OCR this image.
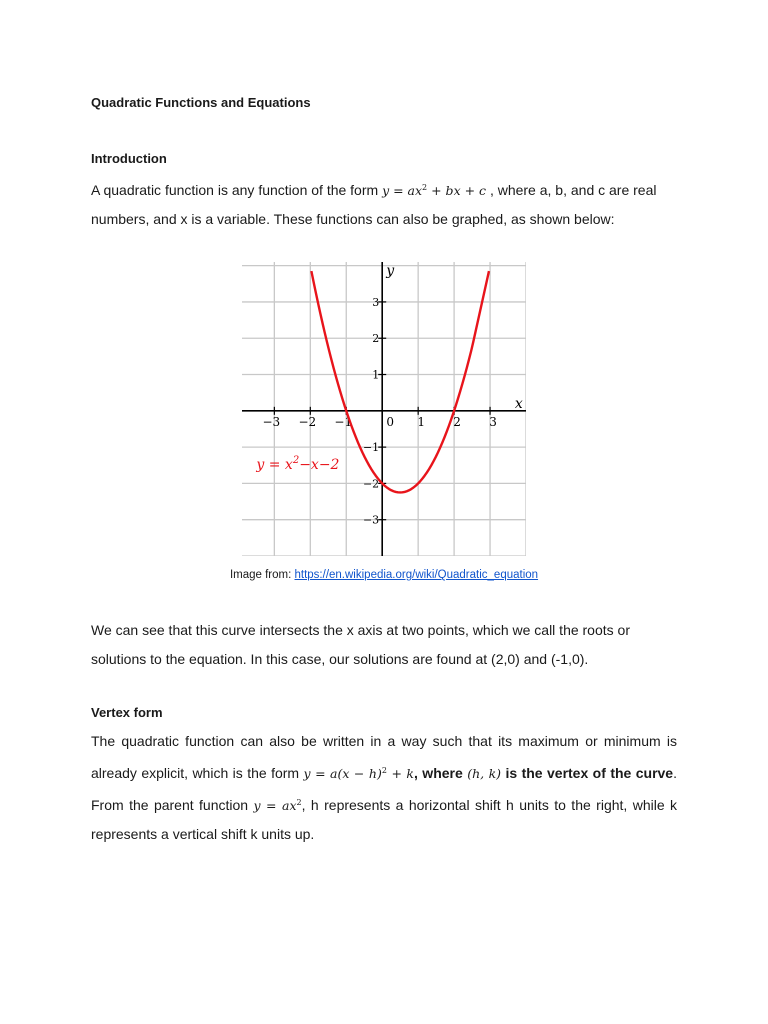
Quadratic Functions and Equations
Introduction
A quadratic function is any function of the form $y = ax^2$ + bx + c , where a, b, and c are real numbers, and x is a variable. These functions can also be graphed, as shown below:
We can see that this curve intersects the x axis at two points, which we call the roots or solutions to the equation. In this case, our solutions are found at (2,0) and (-1,0).
Vertex form
The quadratic function can also be written in a way such that its maximum or minimum is already explicit, which is the form $y = a(x - h)^2 + k$, where (h, k) is the vertex of the curve. From the parent function $y = ax^2$, h represents a horizontal shift h units to the right, while k represents a vertical shift k units up.
−3 −2 −1	0 1 2 3
3
2
1
−1
−2
−3
x
y
$y = x^2-x-2$
Image from: https://en.wikipedia.org/wiki/Quadratic_equation
